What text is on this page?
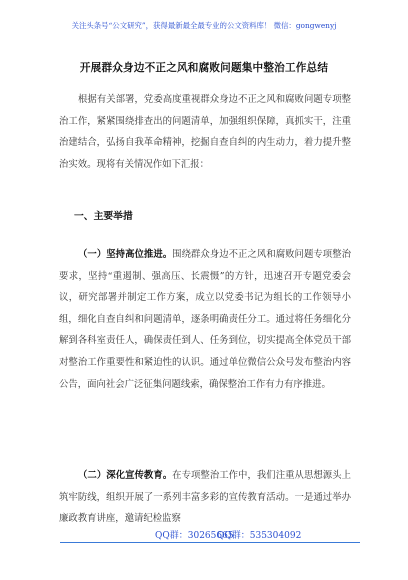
关注头条号“公文研究”，获得最新最全最专业的公文资料库！ 微信：gongwenyj
开展群众身边不正之风和腐败问题集中整治工作总结

根据有关部署，党委高度重视群众身边不正之风和腐败问题专项整治工作，紧紧围绕排查出的问题清单，加强组织保障，真抓实干，注重治建结合，弘扬自我革命精神，挖掘自查自纠的内生动力，着力提升整治实效。现将有关情况作如下汇报：

一、主要举措

（一）坚持高位推进。围绕群众身边不正之风和腐败问题专项整治要求，坚持“重遏制、强高压、长震慑”的方针，迅速召开专题党委会议，研究部署并制定工作方案，成立以党委书记为组长的工作领导小组，细化自查自纠和问题清单，逐条明确责任分工。通过将任务细化分解到各科室责任人，确保责任到人、任务到位，切实提高全体党员干部对整治工作重要性和紧迫性的认识。通过单位微信公众号发布整治内容公告，面向社会广泛征集问题线索，确保整治工作有力有序推进。

（二）深化宣传教育。在专项整治工作中，我们注重从思想源头上筑牢防线，组织开展了一系列丰富多彩的宣传教育活动。一是通过举办廉政教育讲座，邀请纪检监察

QQ群：30265665
QQ群：535304092
